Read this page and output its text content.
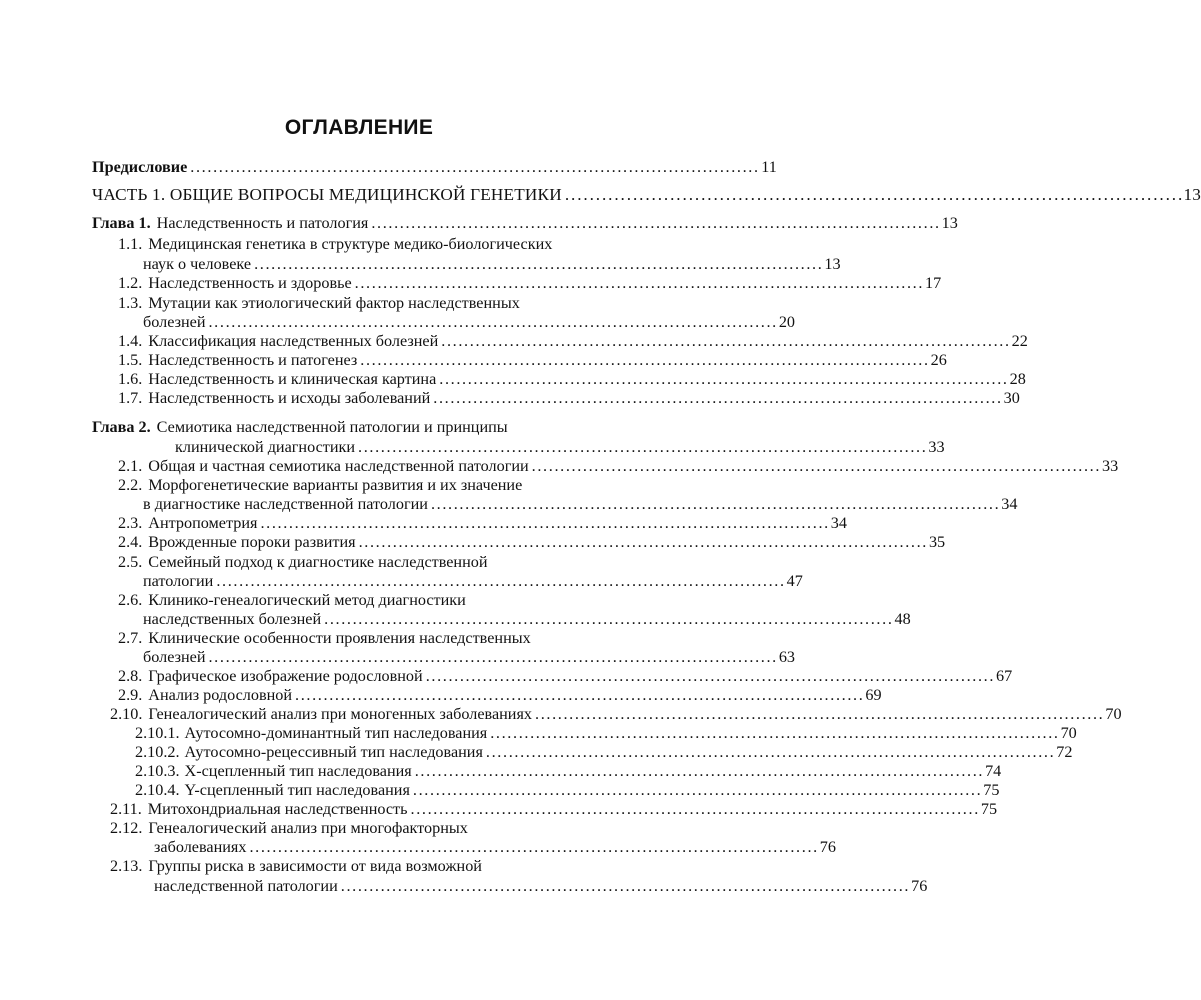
ОГЛАВЛЕНИЕ
Предисловие . . .	11
ЧАСТЬ 1. ОБЩИЕ ВОПРОСЫ МЕДИЦИНСКОЙ ГЕНЕТИКИ . . .	13
Глава 1. Наследственность и патология . . .	13
1.1. Медицинская генетика в структуре медико-биологических
наук о человеке . . .	13
1.2. Наследственность и здоровье . . .	17
1.3. Мутации как этиологический фактор наследственных
болезней . . .	20
1.4. Классификация наследственных болезней . . .	22
1.5. Наследственность и патогенез . . .	26
1.6. Наследственность и клиническая картина . . .	28
1.7. Наследственность и исходы заболеваний . . .	30
Глава 2. Семиотика наследственной патологии и принципы
клинической диагностики . . .	33
2.1. Общая и частная семиотика наследственной патологии . . .	33
2.2. Морфогенетические варианты развития и их значение
в диагностике наследственной патологии . . .	34
2.3. Антропометрия . . .	34
2.4. Врожденные пороки развития . . .	35
2.5. Семейный подход к диагностике наследственной
патологии . . .	47
2.6. Клинико-генеалогический метод диагностики
наследственных болезней . . .	48
2.7. Клинические особенности проявления наследственных
болезней . . .	63
2.8. Графическое изображение родословной . . .	67
2.9. Анализ родословной . . .	69
2.10. Генеалогический анализ при моногенных заболеваниях . . .	70
2.10.1. Аутосомно-доминантный тип наследования . . .	70
2.10.2. Аутосомно-рецессивный тип наследования . . .	72
2.10.3. X-сцепленный тип наследования . . .	74
2.10.4. Y-сцепленный тип наследования . . .	75
2.11. Митохондриальная наследственность . . .	75
2.12. Генеалогический анализ при многофакторных
заболеваниях . . .	76
2.13. Группы риска в зависимости от вида возможной
наследственной патологии . . .	76
